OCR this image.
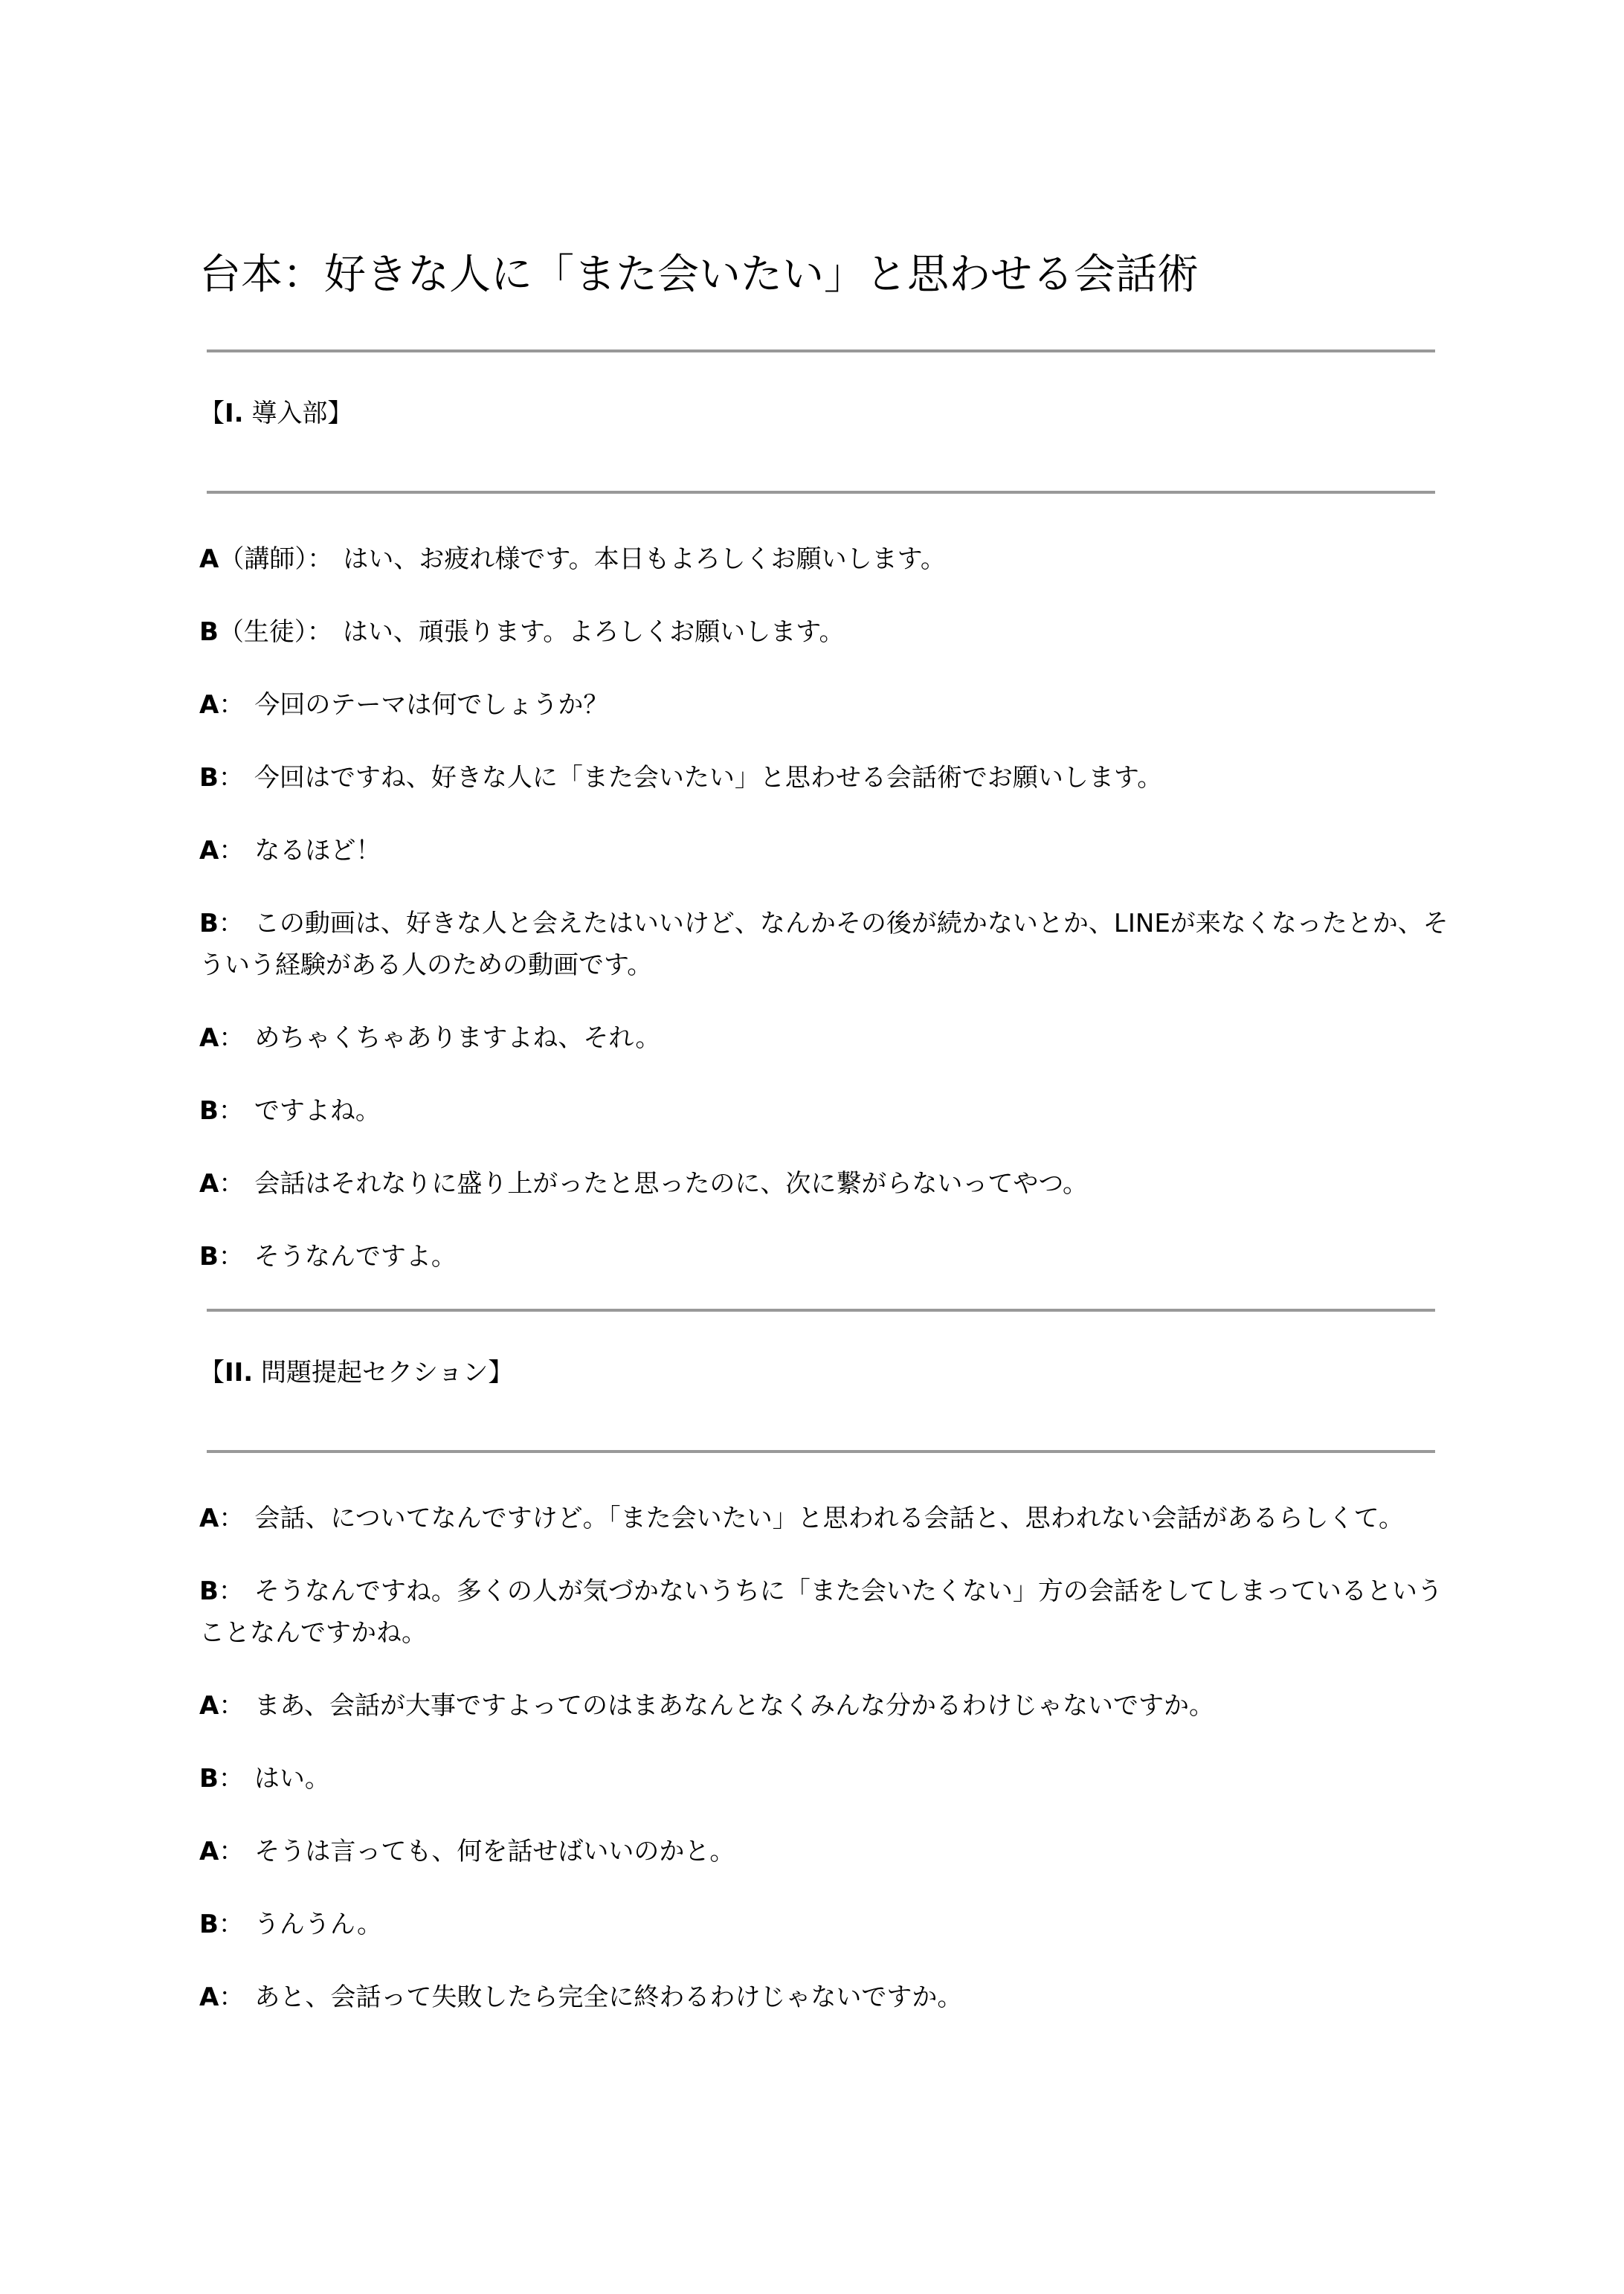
台本：好きな人に「また会いたい」と思わせる会話術
【I. 導入部】
A（講師）： はい、お疲れ様です。本日もよろしくお願いします。
B（生徒）： はい、頑張ります。よろしくお願いします。
A： 今回のテーマは何でしょうか？
B： 今回はですね、好きな人に「また会いたい」と思わせる会話術でお願いします。
A： なるほど！
B： この動画は、好きな人と会えたはいいけど、なんかその後が続かないとか、LINEが来なくなったとか、そういう経験がある人のための動画です。
A： めちゃくちゃありますよね、それ。
B： ですよね。
A： 会話はそれなりに盛り上がったと思ったのに、次に繋がらないってやつ。
B： そうなんですよ。
【II. 問題提起セクション】
A： 会話、についてなんですけど。「また会いたい」と思われる会話と、思われない会話があるらしくて。
B： そうなんですね。多くの人が気づかないうちに「また会いたくない」方の会話をしてしまっているということなんですかね。
A： まあ、会話が大事ですよってのはまあなんとなくみんな分かるわけじゃないですか。
B： はい。
A： そうは言っても、何を話せばいいのかと。
B： うんうん。
A： あと、会話って失敗したら完全に終わるわけじゃないですか。
